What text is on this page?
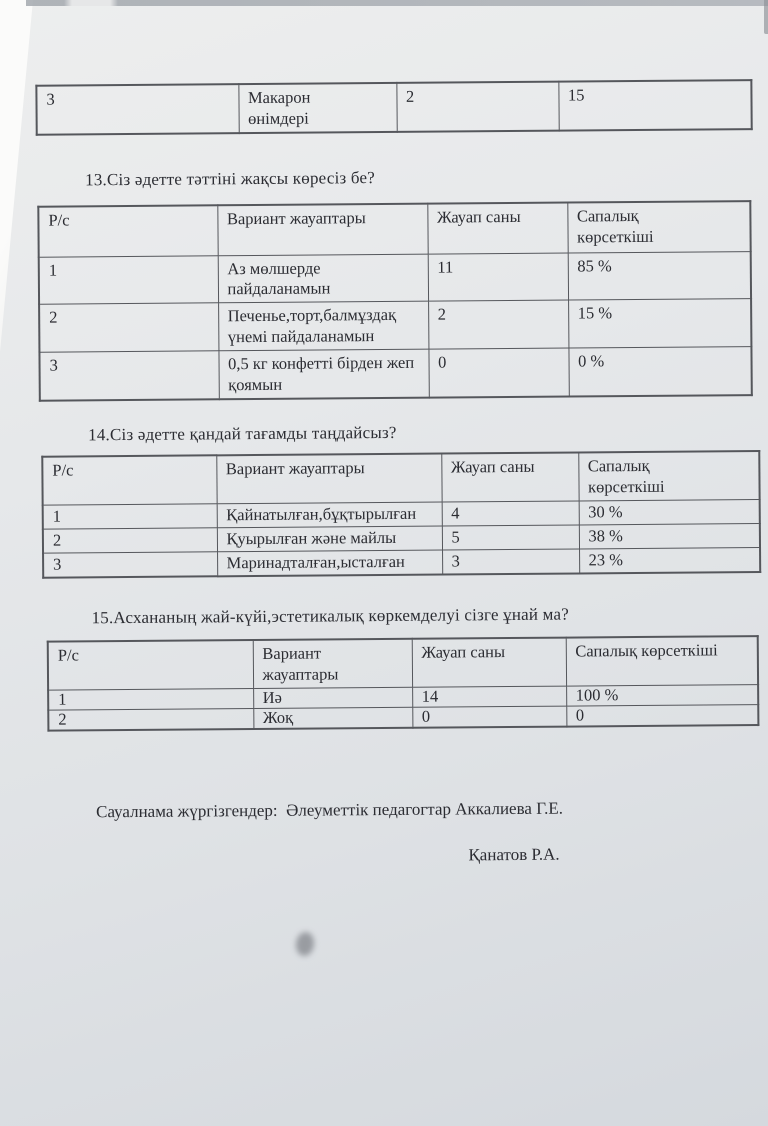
3	Макарон өнімдері	2	15
13.Сіз әдетте тәттіні жақсы көресіз бе?
Р/с	Вариант жауаптары	Жауап саны	Сапалық көрсеткіші
1	Аз мөлшерде пайдаланамын	11	85 %
2	Печенье,торт,балмұздақ үнемі пайдаланамын	2	15 %
3	0,5 кг конфетті бірден жеп қоямын	0	0 %
14.Сіз әдетте қандай тағамды таңдайсыз?
Р/с	Вариант жауаптары	Жауап саны	Сапалық көрсеткіші
1	Қайнатылған,бұқтырылған	4	30 %
2	Қуырылған және майлы	5	38 %
3	Маринадталған,ысталған	3	23 %
15.Асхананың жай-күйі,эстетикалық көркемделуі сізге ұнай ма?
Р/с	Вариант жауаптары	Жауап саны	Сапалық көрсеткіші
1	Иә	14	100 %
2	Жоқ	0	0
Сауалнама жүргізгендер:  Әлеуметтік педагогтар Аккалиева Г.Е.
Қанатов Р.А.
